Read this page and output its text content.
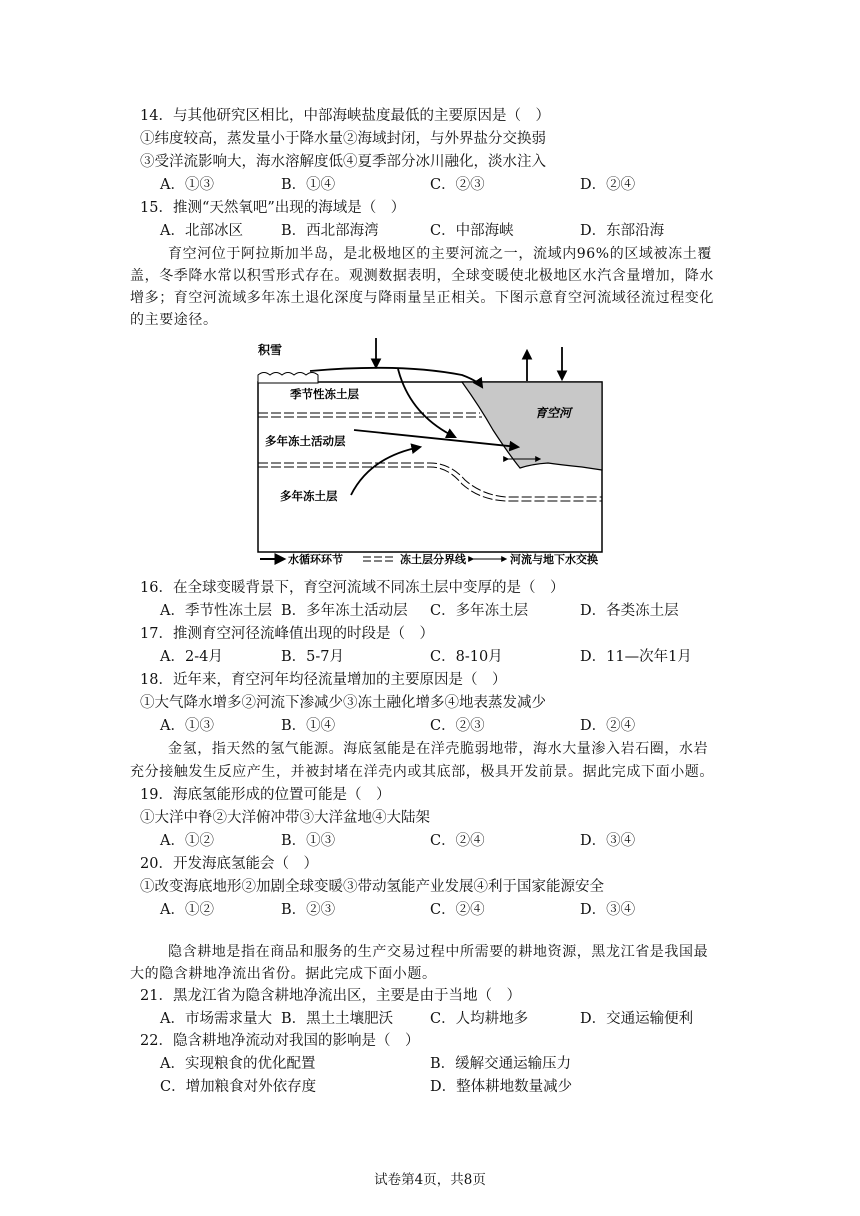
14．与其他研究区相比，中部海峡盐度最低的主要原因是（　）
①纬度较高，蒸发量小于降水量②海域封闭，与外界盐分交换弱
③受洋流影响大，海水溶解度低④夏季部分冰川融化，淡水注入
A．①③	B．①④	C．②③	D．②④
15．推测“天然氧吧”出现的海域是（　）
A．北部冰区	B．西北部海湾	C．中部海峡	D．东部沿海
育空河位于阿拉斯加半岛，是北极地区的主要河流之一，流域内96%的区域被冻土覆
盖，冬季降水常以积雪形式存在。观测数据表明，全球变暖使北极地区水汽含量增加，降水
增多；育空河流域多年冻土退化深度与降雨量呈正相关。下图示意育空河流域径流过程变化
的主要途径。
积雪
育空河
季节性冻土层
多年冻土活动层
多年冻土层
水循环环节	冻土层分界线	河流与地下水交换
16．在全球变暖背景下，育空河流域不同冻土层中变厚的是（　）
A．季节性冻土层 B．多年冻土活动层 C．多年冻土层	D．各类冻土层
17．推测育空河径流峰值出现的时段是（　）
A．2-4月	B．5-7月	C．8-10月	D．11—次年1月
18．近年来，育空河年均径流量增加的主要原因是（　）
①大气降水增多②河流下渗减少③冻土融化增多④地表蒸发减少
A．①③	B．①④	C．②③	D．②④
金氢，指天然的氢气能源。海底氢能是在洋壳脆弱地带，海水大量渗入岩石圈，水岩
充分接触发生反应产生，并被封堵在洋壳内或其底部，极具开发前景。据此完成下面小题。
19．海底氢能形成的位置可能是（　）
①大洋中脊②大洋俯冲带③大洋盆地④大陆架
A．①②	B．①③	C．②④	D．③④
20．开发海底氢能会（　）
①改变海底地形②加剧全球变暖③带动氢能产业发展④利于国家能源安全
A．①②	B．②③	C．②④	D．③④
隐含耕地是指在商品和服务的生产交易过程中所需要的耕地资源，黑龙江省是我国最
大的隐含耕地净流出省份。据此完成下面小题。
21．黑龙江省为隐含耕地净流出区，主要是由于当地（　）
A．市场需求量大 B．黑土土壤肥沃	C．人均耕地多	D．交通运输便利
22．隐含耕地净流动对我国的影响是（　）
A．实现粮食的优化配置	B．缓解交通运输压力
C．增加粮食对外依存度	D．整体耕地数量减少
试卷第4页，共8页
